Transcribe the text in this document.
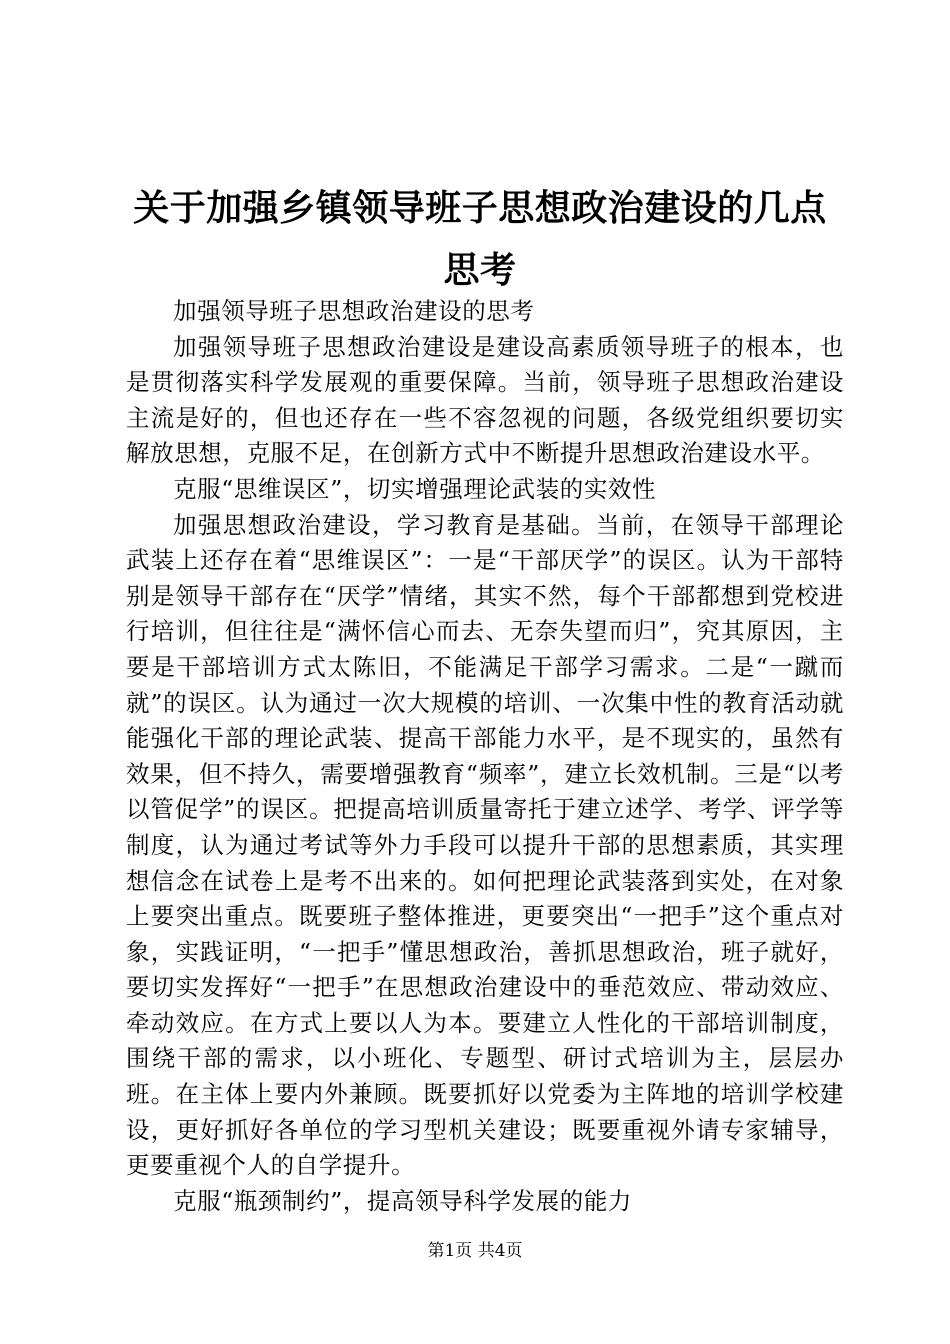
关于加强乡镇领导班子思想政治建设的几点思考

加强领导班子思想政治建设的思考

加强领导班子思想政治建设是建设高素质领导班子的根本，也是贯彻落实科学发展观的重要保障。当前，领导班子思想政治建设主流是好的，但也还存在一些不容忽视的问题，各级党组织要切实解放思想，克服不足，在创新方式中不断提升思想政治建设水平。

克服“思维误区”，切实增强理论武装的实效性

加强思想政治建设，学习教育是基础。当前，在领导干部理论武装上还存在着“思维误区”：一是“干部厌学”的误区。认为干部特别是领导干部存在“厌学”情绪，其实不然，每个干部都想到党校进行培训，但往往是“满怀信心而去、无奈失望而归”，究其原因，主要是干部培训方式太陈旧，不能满足干部学习需求。二是“一蹴而就”的误区。认为通过一次大规模的培训、一次集中性的教育活动就能强化干部的理论武装、提高干部能力水平，是不现实的，虽然有效果，但不持久，需要增强教育“频率”，建立长效机制。三是“以考以管促学”的误区。把提高培训质量寄托于建立述学、考学、评学等制度，认为通过考试等外力手段可以提升干部的思想素质，其实理想信念在试卷上是考不出来的。如何把理论武装落到实处，在对象上要突出重点。既要班子整体推进，更要突出“一把手”这个重点对象，实践证明，“一把手”懂思想政治，善抓思想政治，班子就好，要切实发挥好“一把手”在思想政治建设中的垂范效应、带动效应、牵动效应。在方式上要以人为本。要建立人性化的干部培训制度，围绕干部的需求，以小班化、专题型、研讨式培训为主，层层办班。在主体上要内外兼顾。既要抓好以党委为主阵地的培训学校建设，更好抓好各单位的学习型机关建设；既要重视外请专家辅导，更要重视个人的自学提升。

克服“瓶颈制约”，提高领导科学发展的能力

第1页 共4页
